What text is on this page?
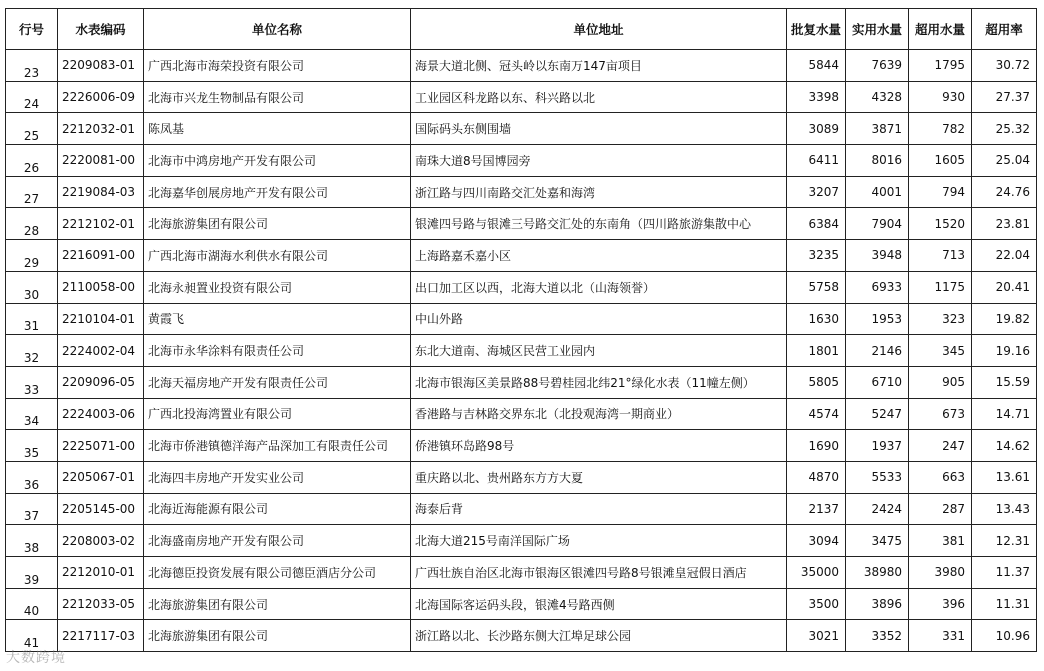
行号	水表编码	单位名称	单位地址	批复水量	实用水量	超用水量	超用率
23	2209083-01	广西北海市海荣投资有限公司	海景大道北侧、冠头岭以东南万147亩项目	5844	7639	1795	30.72
24	2226006-09	北海市兴龙生物制品有限公司	工业园区科龙路以东、科兴路以北	3398	4328	930	27.37
25	2212032-01	陈凤基	国际码头东侧围墙	3089	3871	782	25.32
26	2220081-00	北海市中鸿房地产开发有限公司	南珠大道8号国博园旁	6411	8016	1605	25.04
27	2219084-03	北海嘉华创展房地产开发有限公司	浙江路与四川南路交汇处嘉和海湾	3207	4001	794	24.76
28	2212102-01	北海旅游集团有限公司	银滩四号路与银滩三号路交汇处的东南角（四川路旅游集散中心	6384	7904	1520	23.81
29	2216091-00	广西北海市湖海水利供水有限公司	上海路嘉禾嘉小区	3235	3948	713	22.04
30	2110058-00	北海永昶置业投资有限公司	出口加工区以西，北海大道以北（山海领誉）	5758	6933	1175	20.41
31	2210104-01	黄霞飞	中山外路	1630	1953	323	19.82
32	2224002-04	北海市永华涂料有限责任公司	东北大道南、海城区民营工业园内	1801	2146	345	19.16
33	2209096-05	北海天福房地产开发有限责任公司	北海市银海区美景路88号碧桂园北纬21°绿化水表（11幢左侧）	5805	6710	905	15.59
34	2224003-06	广西北投海湾置业有限公司	香港路与吉林路交界东北（北投观海湾一期商业）	4574	5247	673	14.71
35	2225071-00	北海市侨港镇德洋海产品深加工有限责任公司	侨港镇环岛路98号	1690	1937	247	14.62
36	2205067-01	北海四丰房地产开发实业公司	重庆路以北、贵州路东方方大夏	4870	5533	663	13.61
37	2205145-00	北海近海能源有限公司	海泰后背	2137	2424	287	13.43
38	2208003-02	北海盛南房地产开发有限公司	北海大道215号南洋国际广场	3094	3475	381	12.31
39	2212010-01	北海德臣投资发展有限公司德臣酒店分公司	广西壮族自治区北海市银海区银滩四号路8号银滩皇冠假日酒店	35000	38980	3980	11.37
40	2212033-05	北海旅游集团有限公司	北海国际客运码头段，银滩4号路西侧	3500	3896	396	11.31
41	2217117-03	北海旅游集团有限公司	浙江路以北、长沙路东侧大江埠足球公园	3021	3352	331	10.96
大数跨境
